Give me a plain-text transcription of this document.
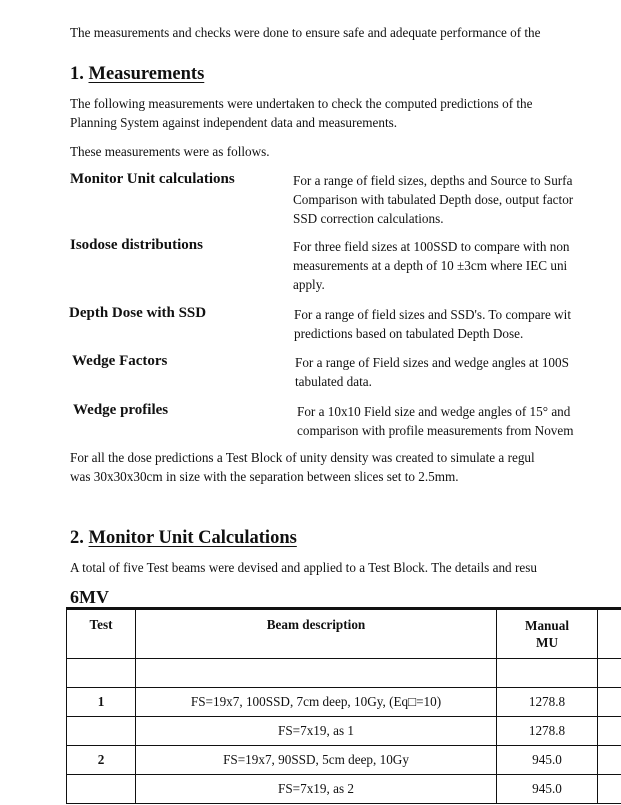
The measurements and checks were done to ensure safe and adequate performance of the
1. Measurements
The following measurements were undertaken to check the computed predictions of the
Planning System against independent data and measurements.
These measurements were as follows.
Monitor Unit calculations	For a range of field sizes, depths and Source to Surfa
Comparison with tabulated Depth dose, output factor
SSD correction calculations.
Isodose distributions	For three field sizes at 100SSD to compare with non
measurements at a depth of 10 ±3cm where IEC uni
apply.
Depth Dose with SSD	For a range of field sizes and SSD's. To compare wit
predictions based on tabulated Depth Dose.
Wedge Factors	For a range of Field sizes and wedge angles at 100S
tabulated data.
Wedge profiles	For a 10x10 Field size and wedge angles of 15° and
comparison with profile measurements from Novem
For all the dose predictions a Test Block of unity density was created to simulate a regul
was 30x30x30cm in size with the separation between slices set to 2.5mm.
2. Monitor Unit Calculations
A total of five Test beams were devised and applied to a Test Block. The details and resu
6MV
Test	Beam description	Manual
MU	

1	FS=19x7, 100SSD, 7cm deep, 10Gy, (Eq□=10)	1278.8	
	FS=7x19, as 1	1278.8	
2	FS=19x7, 90SSD, 5cm deep, 10Gy	945.0	
	FS=7x19, as 2	945.0	
